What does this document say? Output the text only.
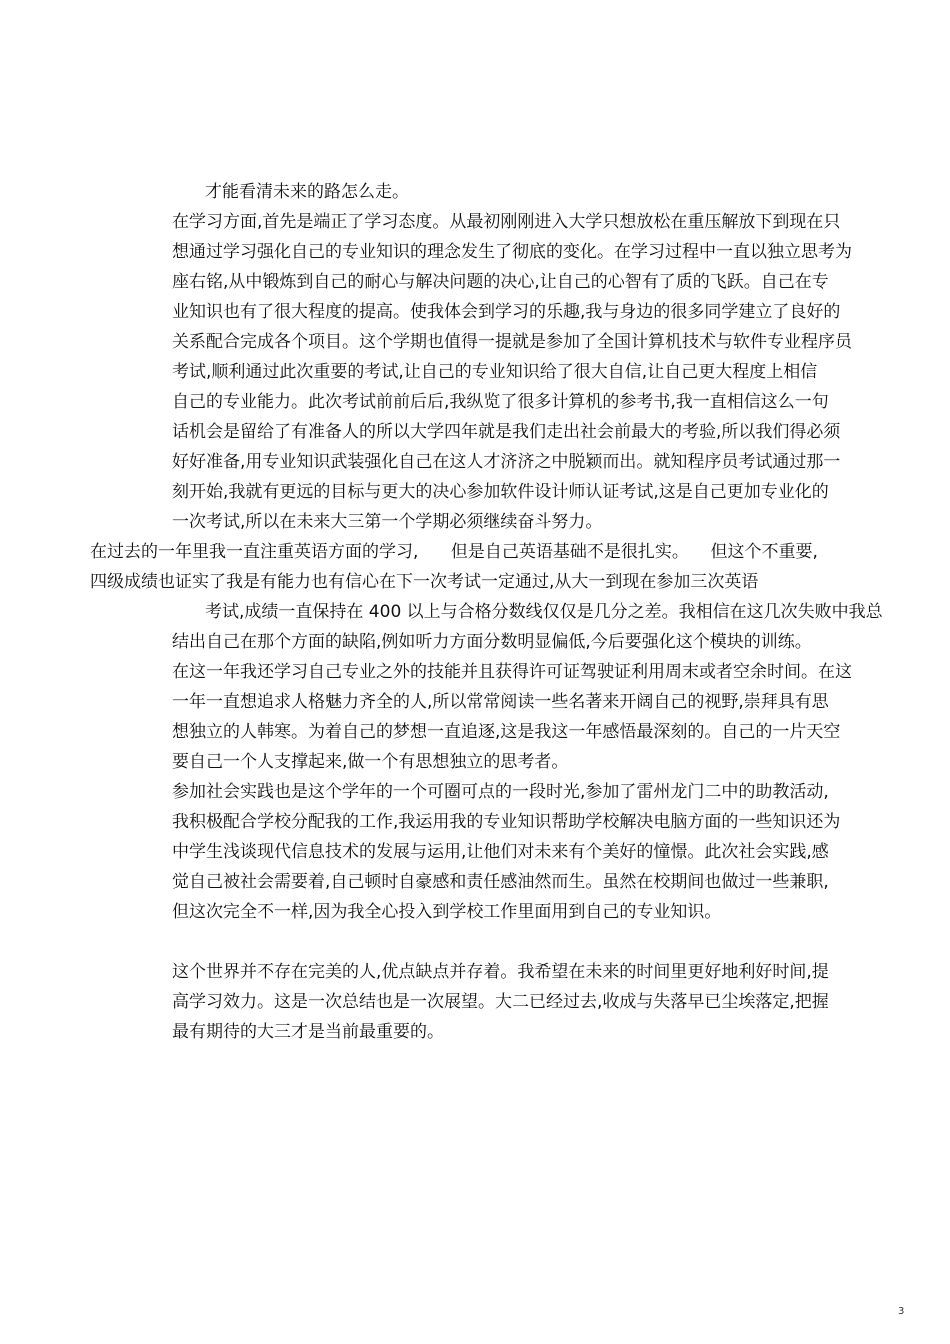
才能看清未来的路怎么走。
在学习方面,首先是端正了学习态度。从最初刚刚进入大学只想放松在重压解放下到现在只
想通过学习强化自己的专业知识的理念发生了彻底的变化。在学习过程中一直以独立思考为
座右铭,从中锻炼到自己的耐心与解决问题的决心,让自己的心智有了质的飞跃。自己在专
业知识也有了很大程度的提高。使我体会到学习的乐趣,我与身边的很多同学建立了良好的
关系配合完成各个项目。这个学期也值得一提就是参加了全国计算机技术与软件专业程序员
考试,顺利通过此次重要的考试,让自己的专业知识给了很大自信,让自己更大程度上相信
自己的专业能力。此次考试前前后后,我纵览了很多计算机的参考书,我一直相信这么一句
话机会是留给了有准备人的所以大学四年就是我们走出社会前最大的考验,所以我们得必须
好好准备,用专业知识武装强化自己在这人才济济之中脱颖而出。就知程序员考试通过那一
刻开始,我就有更远的目标与更大的决心参加软件设计师认证考试,这是自己更加专业化的
一次考试,所以在未来大三第一个学期必须继续奋斗努力。
在过去的一年里我一直注重英语方面的学习,      但是自己英语基础不是很扎实。    但这个不重要,
四级成绩也证实了我是有能力也有信心在下一次考试一定通过,从大一到现在参加三次英语
考试,成绩一直保持在 400 以上与合格分数线仅仅是几分之差。我相信在这几次失败中我总
结出自己在那个方面的缺陷,例如听力方面分数明显偏低,今后要强化这个模块的训练。
在这一年我还学习自己专业之外的技能并且获得许可证驾驶证利用周末或者空余时间。在这
一年一直想追求人格魅力齐全的人,所以常常阅读一些名著来开阔自己的视野,崇拜具有思
想独立的人韩寒。为着自己的梦想一直追逐,这是我这一年感悟最深刻的。自己的一片天空
要自己一个人支撑起来,做一个有思想独立的思考者。
参加社会实践也是这个学年的一个可圈可点的一段时光,参加了雷州龙门二中的助教活动,
我积极配合学校分配我的工作,我运用我的专业知识帮助学校解决电脑方面的一些知识还为
中学生浅谈现代信息技术的发展与运用,让他们对未来有个美好的憧憬。此次社会实践,感
觉自己被社会需要着,自己顿时自豪感和责任感油然而生。虽然在校期间也做过一些兼职,
但这次完全不一样,因为我全心投入到学校工作里面用到自己的专业知识。
这个世界并不存在完美的人,优点缺点并存着。我希望在未来的时间里更好地利好时间,提
高学习效力。这是一次总结也是一次展望。大二已经过去,收成与失落早已尘埃落定,把握
最有期待的大三才是当前最重要的。
3
